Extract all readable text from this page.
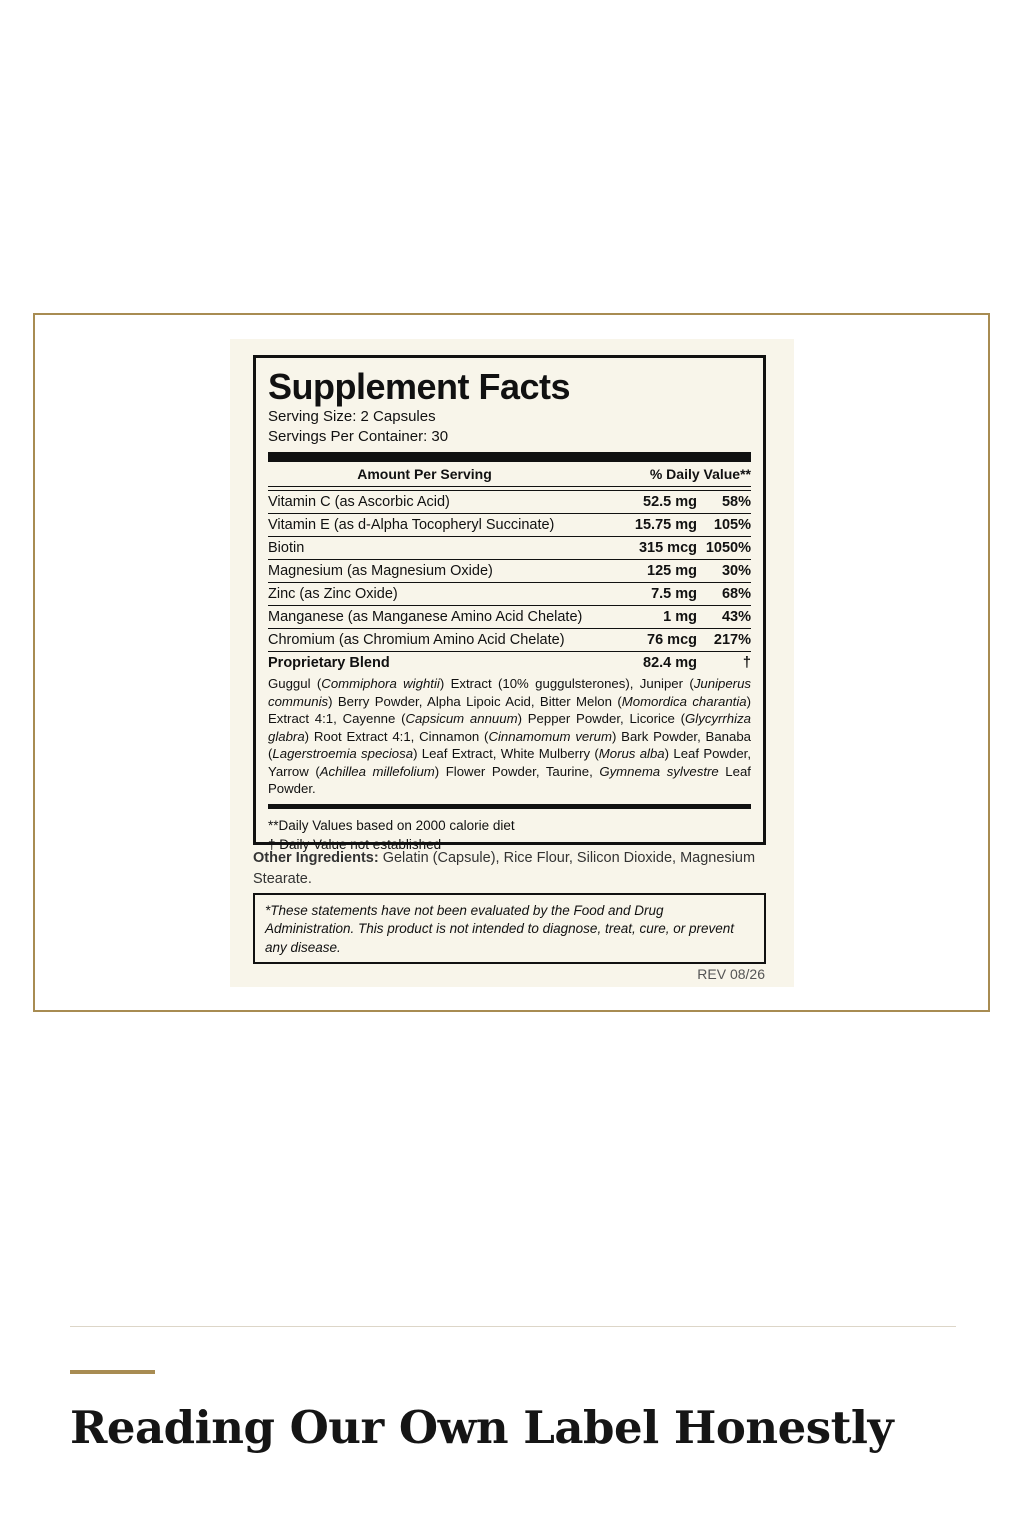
Supplement Facts
Serving Size: 2 Capsules
Servings Per Container: 30
Amount Per Serving	% Daily Value**
Vitamin C (as Ascorbic Acid)	52.5 mg	58%
Vitamin E (as d-Alpha Tocopheryl Succinate)	15.75 mg	105%
Biotin	315 mcg 1050%
Magnesium (as Magnesium Oxide)	125 mg	30%
Zinc (as Zinc Oxide)	7.5 mg	68%
Manganese (as Manganese Amino Acid Chelate)	1 mg	43%
Chromium (as Chromium Amino Acid Chelate)	76 mcg	217%
Proprietary Blend	82.4 mg	†
Guggul (Commiphora wightii) Extract (10% guggulsterones), Juniper (Juniperus communis) Berry Powder, Alpha Lipoic Acid, Bitter Melon (Momordica charantia) Extract 4:1, Cayenne (Capsicum annuum) Pepper Powder, Licorice (Glycyrrhiza glabra) Root Extract 4:1, Cinnamon (Cinnamomum verum) Bark Powder, Banaba (Lagerstroemia speciosa) Leaf Extract, White Mulberry (Morus alba) Leaf Powder, Yarrow (Achillea millefolium) Flower Powder, Taurine, Gymnema sylvestre Leaf Powder.
**Daily Values based on 2000 calorie diet
† Daily Value not established
Other Ingredients: Gelatin (Capsule), Rice Flour, Silicon Dioxide, Magnesium Stearate.
*These statements have not been evaluated by the Food and Drug Administration. This product is not intended to diagnose, treat, cure, or prevent any disease.
REV 08/26
Reading Our Own Label Honestly
